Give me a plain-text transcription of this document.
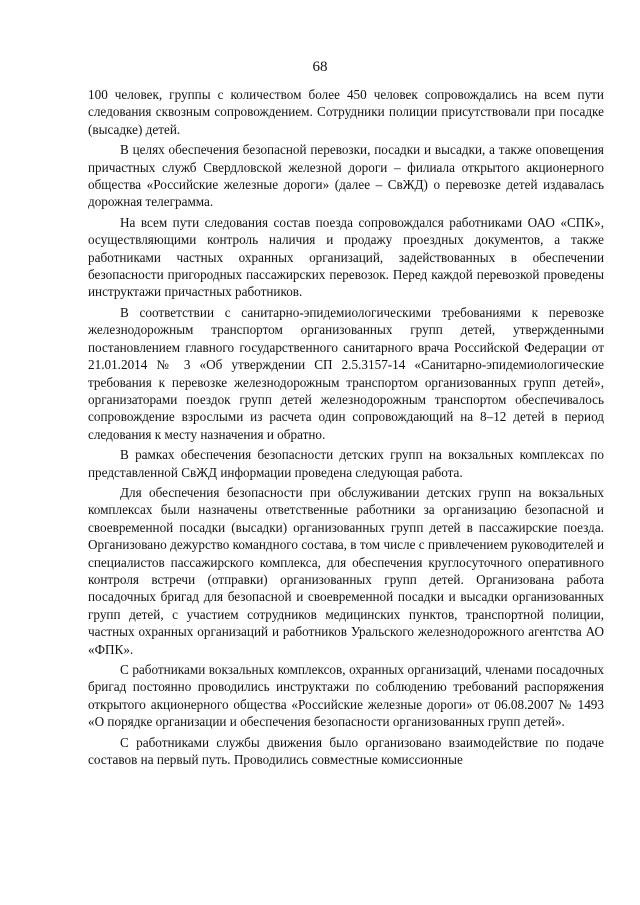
68

100 человек, группы с количеством более 450 человек сопровождались на всем пути следования сквозным сопровождением. Сотрудники полиции присутствовали при посадке (высадке) детей.

В целях обеспечения безопасной перевозки, посадки и высадки, а также оповещения причастных служб Свердловской железной дороги – филиала открытого акционерного общества «Российские железные дороги» (далее – СвЖД) о перевозке детей издавалась дорожная телеграмма.

На всем пути следования состав поезда сопровождался работниками ОАО «СПК», осуществляющими контроль наличия и продажу проездных документов, а также работниками частных охранных организаций, задействованных в обеспечении безопасности пригородных пассажирских перевозок. Перед каждой перевозкой проведены инструктажи причастных работников.

В соответствии с санитарно-эпидемиологическими требованиями к перевозке железнодорожным транспортом организованных групп детей, утвержденными постановлением главного государственного санитарного врача Российской Федерации от 21.01.2014 № 3 «Об утверждении СП 2.5.3157-14 «Санитарно-эпидемиологические требования к перевозке железнодорожным транспортом организованных групп детей», организаторами поездок групп детей железнодорожным транспортом обеспечивалось сопровождение взрослыми из расчета один сопровождающий на 8–12 детей в период следования к месту назначения и обратно.

В рамках обеспечения безопасности детских групп на вокзальных комплексах по представленной СвЖД информации проведена следующая работа.

Для обеспечения безопасности при обслуживании детских групп на вокзальных комплексах были назначены ответственные работники за организацию безопасной и своевременной посадки (высадки) организованных групп детей в пассажирские поезда. Организовано дежурство командного состава, в том числе с привлечением руководителей и специалистов пассажирского комплекса, для обеспечения круглосуточного оперативного контроля встречи (отправки) организованных групп детей. Организована работа посадочных бригад для безопасной и своевременной посадки и высадки организованных групп детей, с участием сотрудников медицинских пунктов, транспортной полиции, частных охранных организаций и работников Уральского железнодорожного агентства АО «ФПК».

С работниками вокзальных комплексов, охранных организаций, членами посадочных бригад постоянно проводились инструктажи по соблюдению требований распоряжения открытого акционерного общества «Российские железные дороги» от 06.08.2007 № 1493 «О порядке организации и обеспечения безопасности организованных групп детей».

С работниками службы движения было организовано взаимодействие по подаче составов на первый путь. Проводились совместные комиссионные
